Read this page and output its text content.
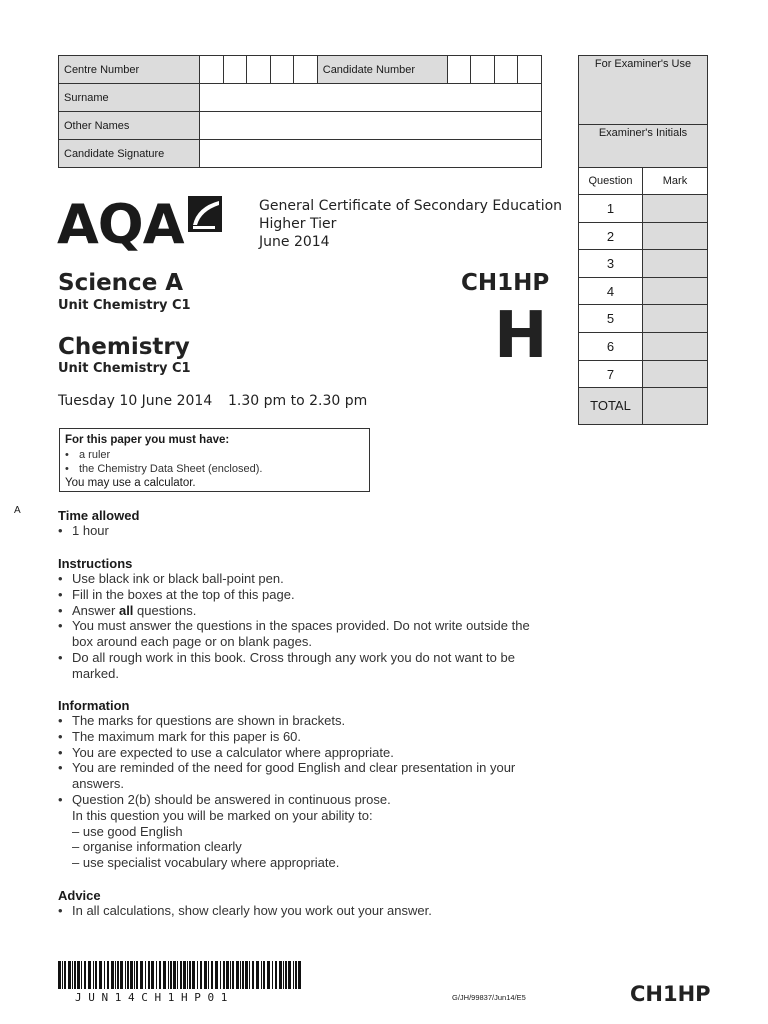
Centre Number						Candidate Number				
Surname										
Other Names										
Candidate Signature										
For Examiner's Use
Examiner's Initials
Question	Mark
1
2
3
4
5
6
7
TOTAL
AQA	General Certificate of Secondary Education
Higher Tier
June 2014
Science A
Unit Chemistry C1
Chemistry
Unit Chemistry C1
CH1HP
H
Tuesday 10 June 2014 1.30 pm to 2.30 pm
For this paper you must have:
• a ruler
• the Chemistry Data Sheet (enclosed).
You may use a calculator.
A	Time allowed
• 1 hour
Instructions
• Use black ink or black ball-point pen.
• Fill in the boxes at the top of this page.
• Answer all questions.
• You must answer the questions in the spaces provided. Do not write outside the box around each page or on blank pages.
• Do all rough work in this book. Cross through any work you do not want to be marked.
Information
• The marks for questions are shown in brackets.
• The maximum mark for this paper is 60.
• You are expected to use a calculator where appropriate.
• You are reminded of the need for good English and clear presentation in your answers.
• Question 2(b) should be answered in continuous prose.
In this question you will be marked on your ability to:
– use good English
– organise information clearly
– use specialist vocabulary where appropriate.
Advice
• In all calculations, show clearly how you work out your answer.
J U N 1 4 C H 1 H P 0 1	G/JH/99837/Jun14/E5	CH1HP
